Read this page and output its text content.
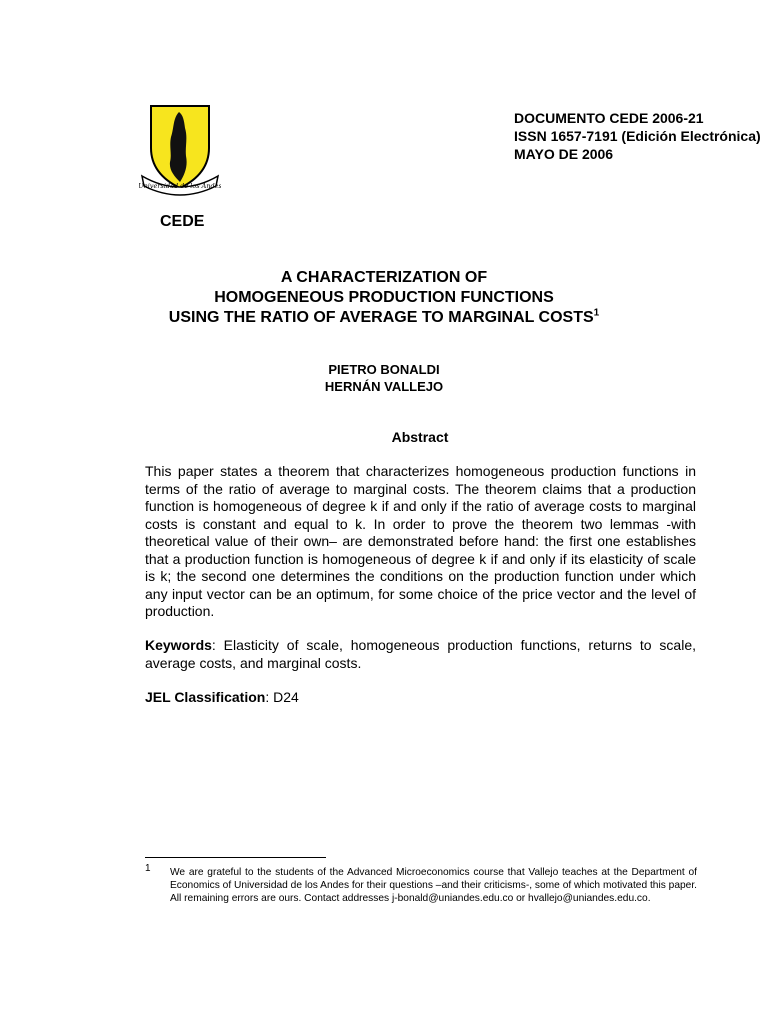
Universidad de los Andes
DOCUMENTO CEDE 2006-21
ISSN 1657-7191 (Edición Electrónica)
MAYO DE 2006
CEDE
A CHARACTERIZATION OF
HOMOGENEOUS PRODUCTION FUNCTIONS
USING THE RATIO OF AVERAGE TO MARGINAL COSTS$^1$
PIETRO BONALDI
HERNÁN VALLEJO
Abstract
This paper states a theorem that characterizes homogeneous production functions in terms of the ratio of average to marginal costs. The theorem claims that a production function is homogeneous of degree k if and only if the ratio of average costs to marginal costs is constant and equal to k. In order to prove the theorem two lemmas -with theoretical value of their own– are demonstrated before hand: the first one establishes that a production function is homogeneous of degree k if and only if its elasticity of scale is k; the second one determines the conditions on the production function under which any input vector can be an optimum, for some choice of the price vector and the level of production.
Keywords: Elasticity of scale, homogeneous production functions, returns to scale, average costs, and marginal costs.
JEL Classification: D24
1 We are grateful to the students of the Advanced Microeconomics course that Vallejo teaches at the Department of Economics of Universidad de los Andes for their questions –and their criticisms-, some of which motivated this paper. All remaining errors are ours. Contact addresses j-bonald@uniandes.edu.co or hvallejo@uniandes.edu.co.
